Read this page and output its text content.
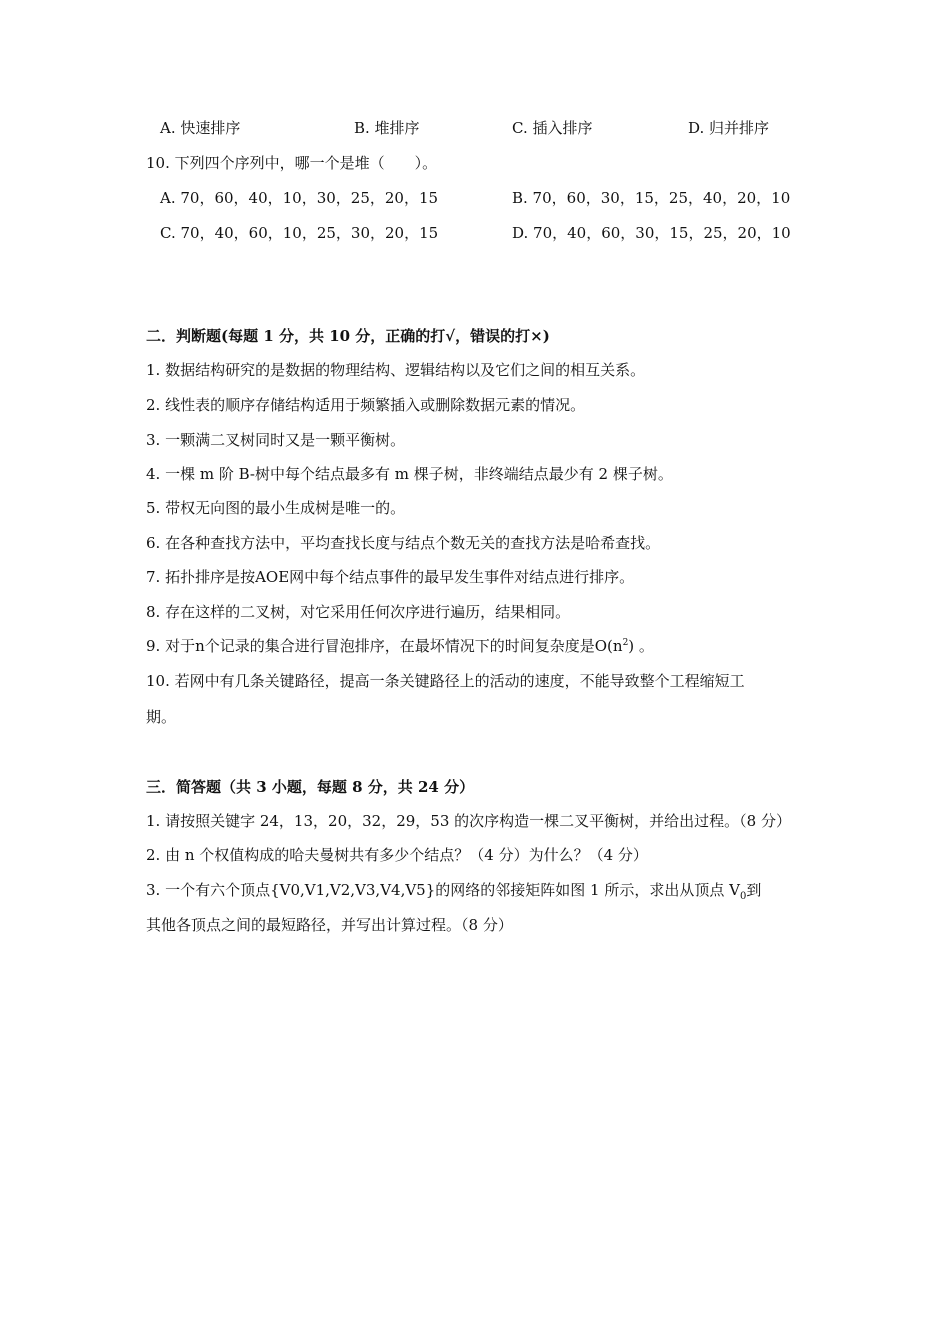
A. 快速排序	B. 堆排序	C. 插入排序	D. 归并排序
10. 下列四个序列中，哪一个是堆（　　）。
A. 70，60，40，10，30，25，20，15	B. 70，60，30，15，25，40，20，10
C. 70，40，60，10，25，30，20，15	D. 70，40，60，30，15，25，20，10
二．判断题(每题 1 分，共 10 分，正确的打√，错误的打×)
1. 数据结构研究的是数据的物理结构、逻辑结构以及它们之间的相互关系。
2. 线性表的顺序存储结构适用于频繁插入或删除数据元素的情况。
3. 一颗满二叉树同时又是一颗平衡树。
4. 一棵 m 阶 B-树中每个结点最多有 m 棵子树，非终端结点最少有 2 棵子树。
5. 带权无向图的最小生成树是唯一的。
6. 在各种查找方法中，平均查找长度与结点个数无关的查找方法是哈希查找。
7. 拓扑排序是按AOE网中每个结点事件的最早发生事件对结点进行排序。
8. 存在这样的二叉树，对它采用任何次序进行遍历，结果相同。
9. 对于n个记录的集合进行冒泡排序，在最坏情况下的时间复杂度是$O(n^2)$ 。
10. 若网中有几条关键路径，提高一条关键路径上的活动的速度，不能导致整个工程缩短工
期。
三．简答题（共 3 小题，每题 8 分，共 24 分）
1. 请按照关键字 24，13，20，32，29，53 的次序构造一棵二叉平衡树，并给出过程。（8 分）
2. 由 n 个权值构成的哈夫曼树共有多少个结点？（4 分）为什么？（4 分）
3. 一个有六个顶点{V0,V1,V2,V3,V4,V5}的网络的邻接矩阵如图 1 所示，求出从顶点 $V_0$到
其他各顶点之间的最短路径，并写出计算过程。（8 分）
